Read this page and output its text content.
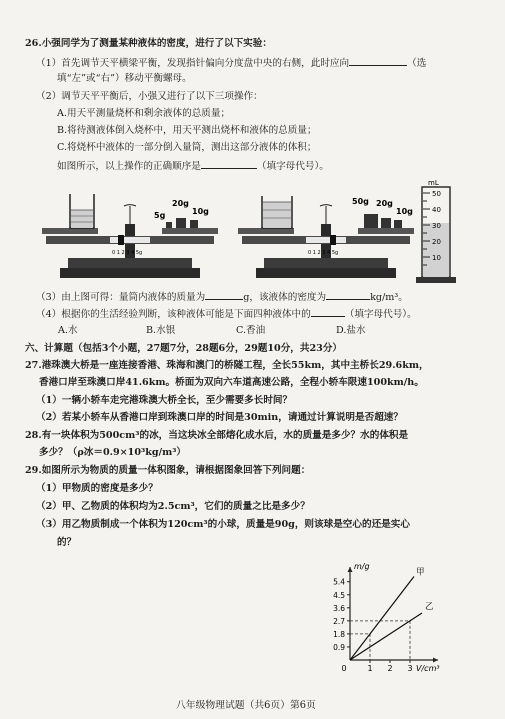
26.小强同学为了测量某种液体的密度，进行了以下实验：
（1）首先调节天平横梁平衡，发现指针偏向分度盘中央的右侧，此时应向	（选
填“左”或“右”）移动平衡螺母。
（2）调节天平平衡后，小强又进行了以下三项操作：
A.用天平测量烧杯和剩余液体的总质量；
B.将待测液体倒入烧杯中，用天平测出烧杯和液体的总质量；
C.将烧杯中液体的一部分倒入量筒，测出这部分液体的体积；
如图所示，以上操作的正确顺序是	（填字母代号）。
0 1 2 3 4 5g
20g
10g
5g
0 1 2 3 4 5g
50g 20g
10g
mL
50
40
30
20
10
（3）由上图可得：量筒内液体的质量为	g，该液体的密度为	kg/m³。
（4）根据你的生活经验判断，该种液体可能是下面四种液体中的	（填字母代号）。
A.水	B.水银	C.香油	D.盐水
六、计算题（包括3个小题，27题7分，28题6分，29题10分，共23分）
27.港珠澳大桥是一座连接香港、珠海和澳门的桥隧工程，全长55km，其中主桥长29.6km，
香港口岸至珠澳口岸41.6km。桥面为双向六车道高速公路，全程小轿车限速100km/h。
（1）一辆小轿车走完港珠澳大桥全长，至少需要多长时间？
（2）若某小轿车从香港口岸到珠澳口岸的时间是30min，请通过计算说明是否超速？
28.有一块体积为500cm³的冰，当这块冰全部熔化成水后，水的质量是多少？水的体积是
多少？（ρ冰＝0.9×10³kg/m³）
29.如图所示为物质的质量一体积图象，请根据图象回答下列问题：
（1）甲物质的密度是多少？
（2）甲、乙物质的体积均为2.5cm³，它们的质量之比是多少？
（3）用乙物质制成一个体积为120cm³的小球，质量是90g，则该球是空心的还是实心
的？
m/g
V/cm³
0.9
1.8
2.7
3.6
4.5
5.4
0	1 2 3
甲
乙
八年级物理试题（共6页）第6页
